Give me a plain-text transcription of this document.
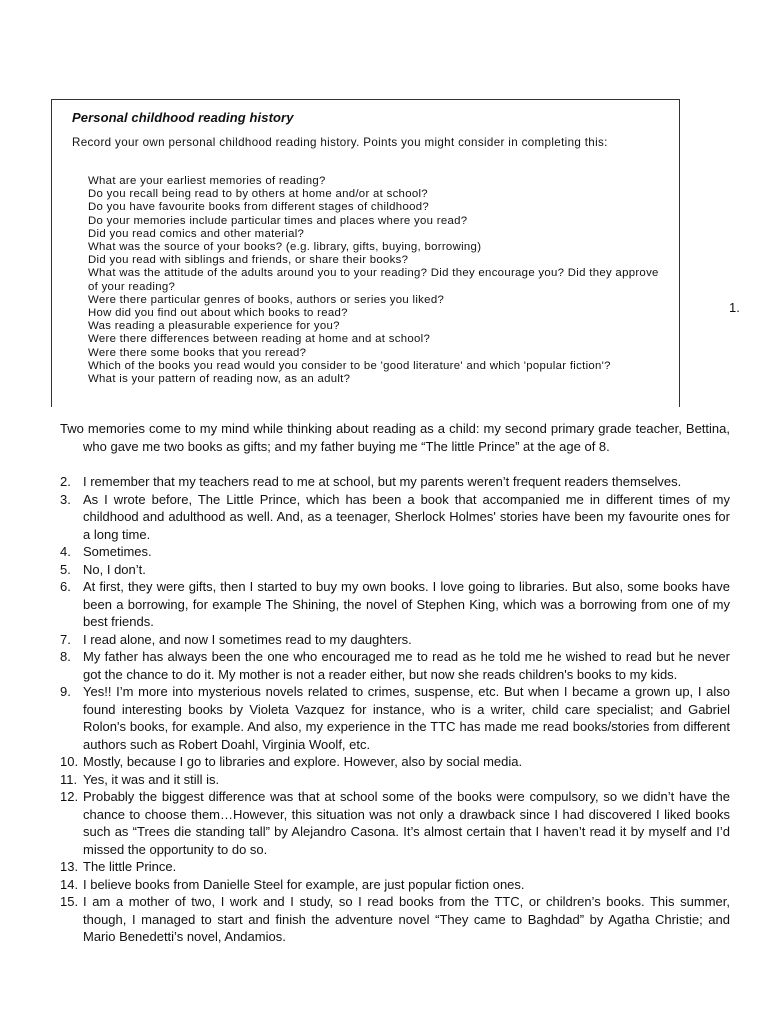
Personal childhood reading history

Record your own personal childhood reading history. Points you might consider in completing this:

What are your earliest memories of reading?
Do you recall being read to by others at home and/or at school?
Do you have favourite books from different stages of childhood?
Do your memories include particular times and places where you read?
Did you read comics and other material?
What was the source of your books? (e.g. library, gifts, buying, borrowing)
Did you read with siblings and friends, or share their books?
What was the attitude of the adults around you to your reading? Did they encourage you? Did they approve of your reading?
Were there particular genres of books, authors or series you liked?
How did you find out about which books to read?
Was reading a pleasurable experience for you?
Were there differences between reading at home and at school?
Were there some books that you reread?
Which of the books you read would you consider to be 'good literature' and which 'popular fiction'?
What is your pattern of reading now, as an adult?

1.

Two memories come to my mind while thinking about reading as a child: my second primary grade teacher, Bettina, who gave me two books as gifts; and my father buying me “The little Prince” at the age of 8.

2. I remember that my teachers read to me at school, but my parents weren’t frequent readers themselves.
3. As I wrote before, The Little Prince, which has been a book that accompanied me in different times of my childhood and adulthood as well. And, as a teenager, Sherlock Holmes' stories have been my favourite ones for a long time.
4. Sometimes.
5. No, I don’t.
6. At first, they were gifts, then I started to buy my own books. I love going to libraries. But also, some books have been a borrowing, for example The Shining, the novel of Stephen King, which was a borrowing from one of my best friends.
7. I read alone, and now I sometimes read to my daughters.
8. My father has always been the one who encouraged me to read as he told me he wished to read but he never got the chance to do it. My mother is not a reader either, but now she reads children's books to my kids.
9. Yes!! I’m more into mysterious novels related to crimes, suspense, etc. But when I became a grown up, I also found interesting books by Violeta Vazquez for instance, who is a writer, child care specialist; and Gabriel Rolon's books, for example. And also, my experience in the TTC has made me read books/stories from different authors such as Robert Doahl, Virginia Woolf, etc.
10. Mostly, because I go to libraries and explore. However, also by social media.
11. Yes, it was and it still is.
12. Probably the biggest difference was that at school some of the books were compulsory, so we didn’t have the chance to choose them…However, this situation was not only a drawback since I had discovered I liked books such as “Trees die standing tall” by Alejandro Casona. It’s almost certain that I haven’t read it by myself and I’d missed the opportunity to do so.
13. The little Prince.
14. I believe books from Danielle Steel for example, are just popular fiction ones.
15. I am a mother of two, I work and I study, so I read books from the TTC, or children’s books. This summer, though, I managed to start and finish the adventure novel “They came to Baghdad” by Agatha Christie; and Mario Benedetti’s novel, Andamios.
